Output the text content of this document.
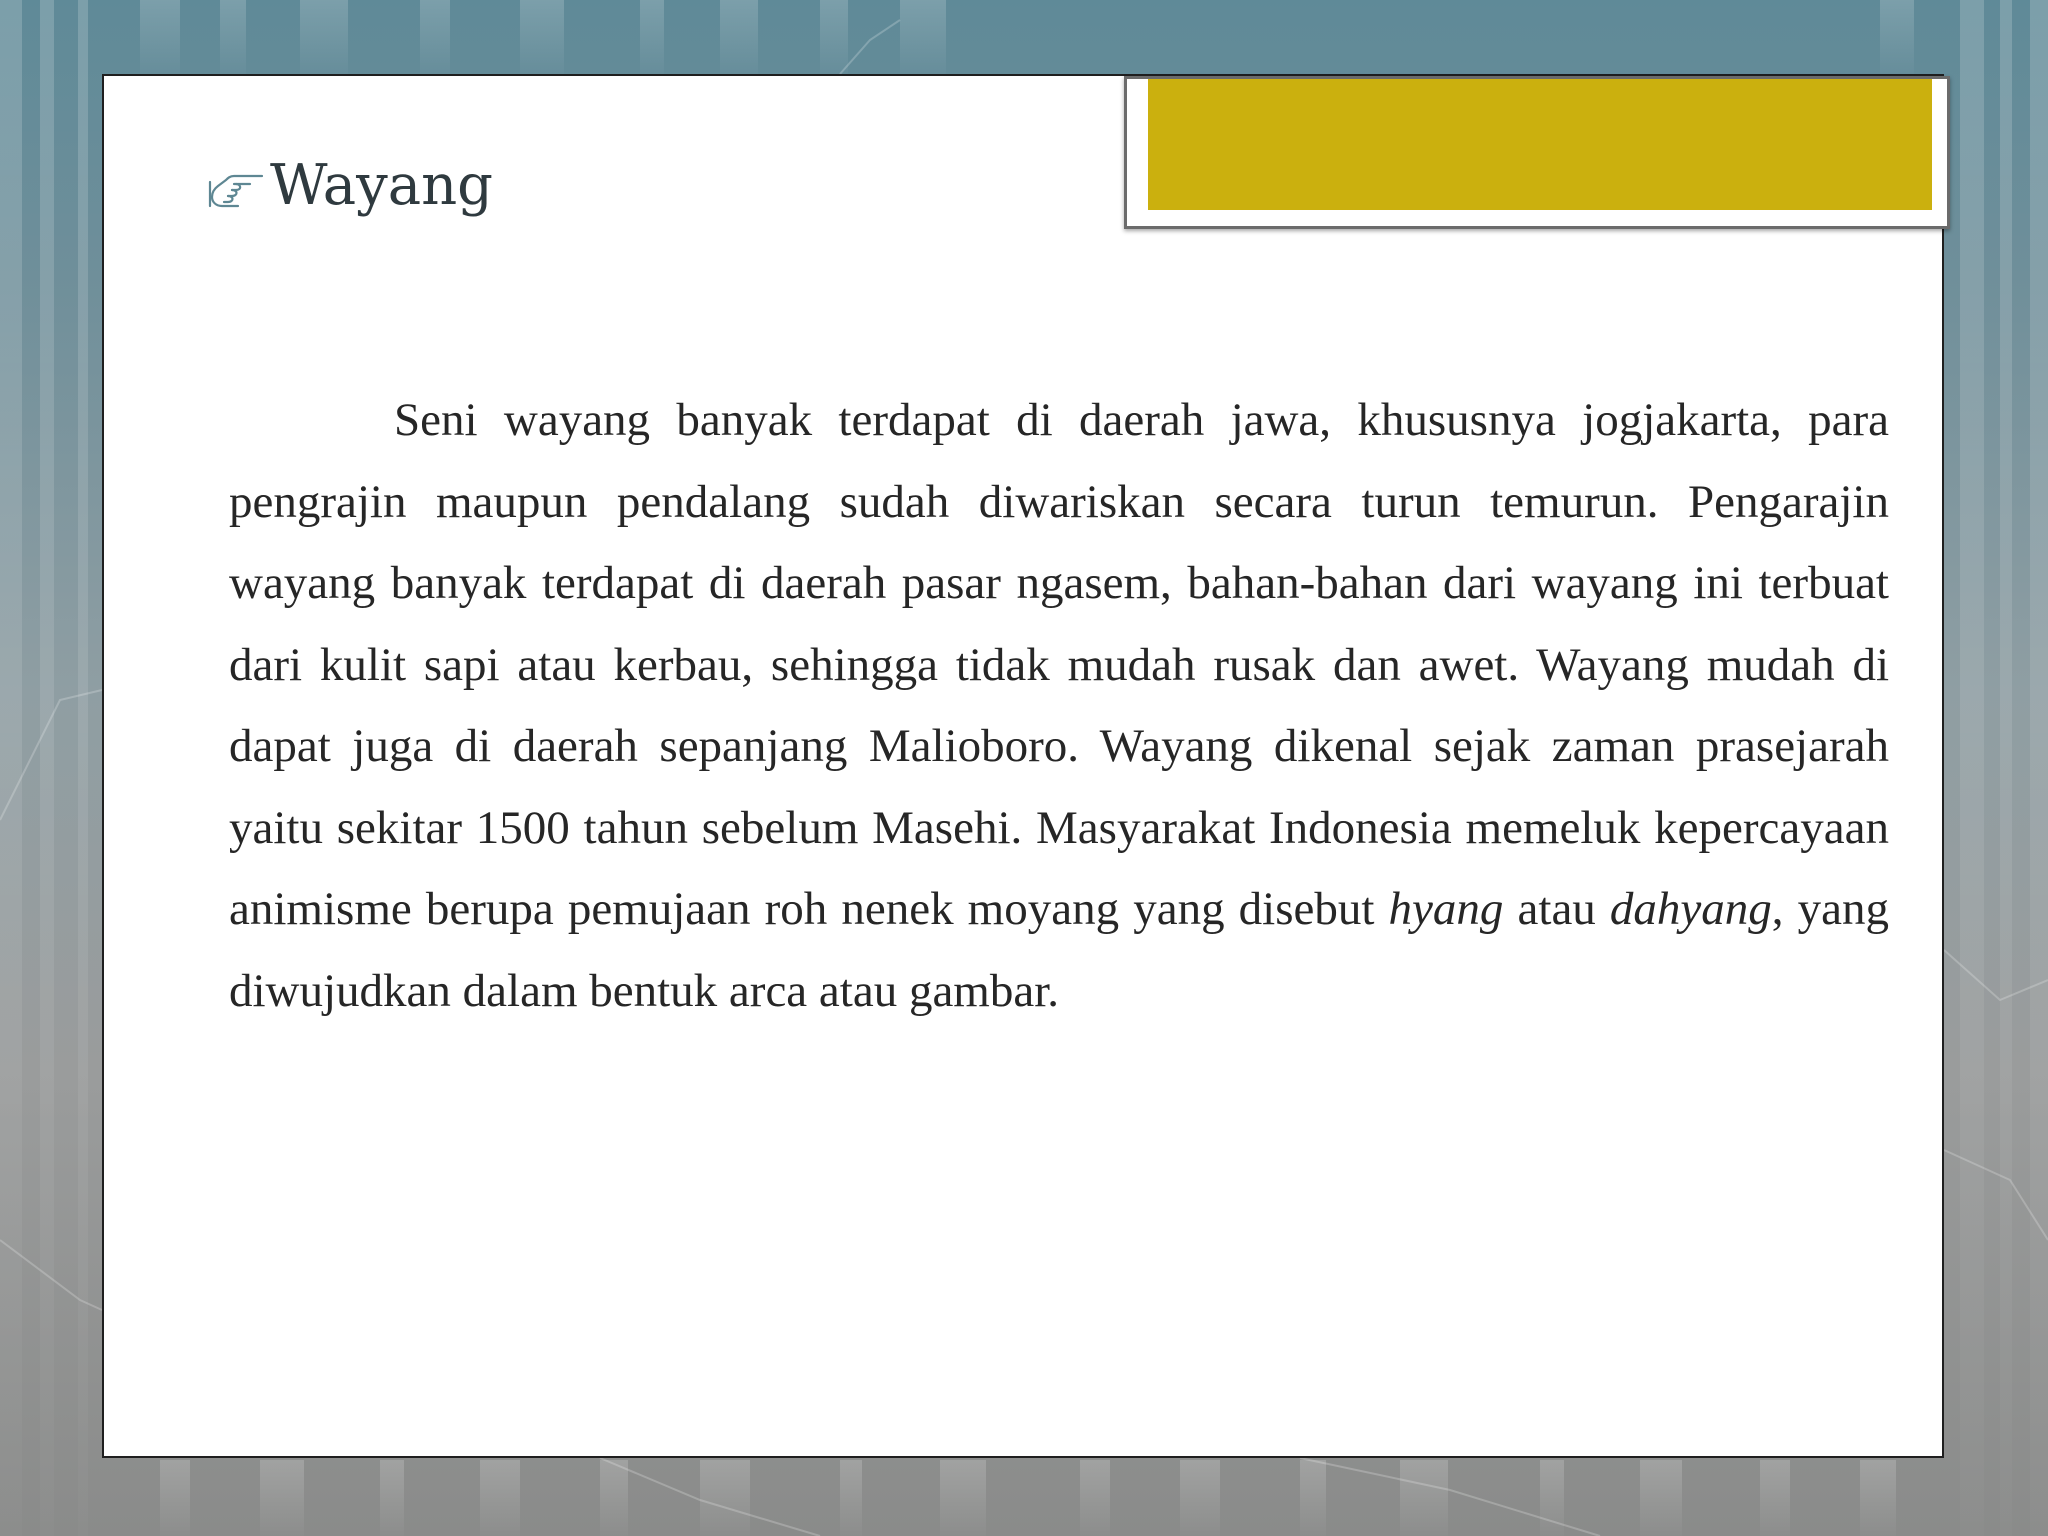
Wayang

Seni wayang banyak terdapat di daerah jawa, khususnya jogjakarta, para pengrajin maupun pendalang sudah diwariskan secara turun temurun. Pengarajin wayang banyak terdapat di daerah pasar ngasem, bahan-bahan dari wayang ini terbuat dari kulit sapi atau kerbau, sehingga tidak mudah rusak dan awet. Wayang mudah di dapat juga di daerah sepanjang Malioboro. Wayang dikenal sejak zaman prasejarah yaitu sekitar 1500 tahun sebelum Masehi. Masyarakat Indonesia memeluk kepercayaan animisme berupa pemujaan roh nenek moyang yang disebut hyang atau dahyang, yang diwujudkan dalam bentuk arca atau gambar.
